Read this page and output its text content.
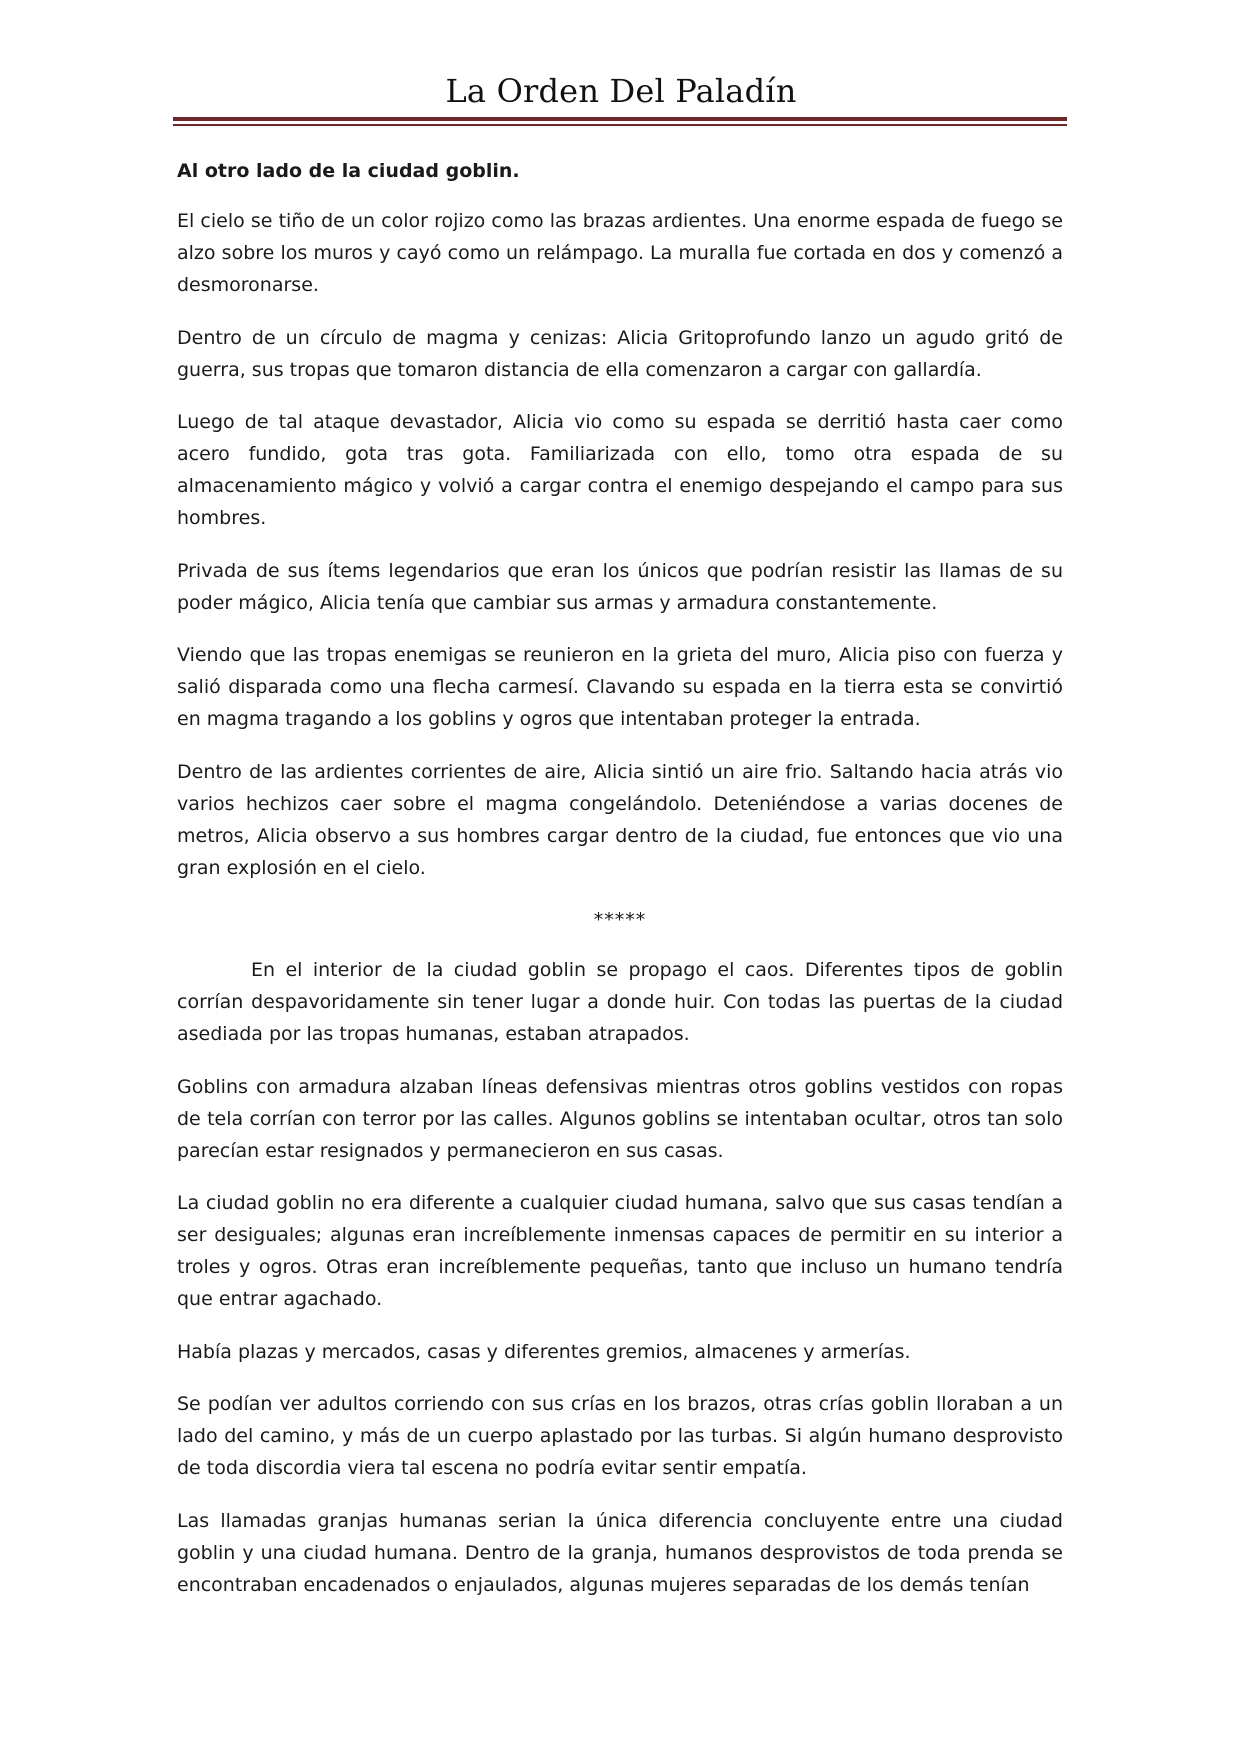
La Orden Del Paladín

Al otro lado de la ciudad goblin.

El cielo se tiño de un color rojizo como las brazas ardientes. Una enorme espada de fuego se alzo sobre los muros y cayó como un relámpago. La muralla fue cortada en dos y comenzó a desmoronarse.

Dentro de un círculo de magma y cenizas: Alicia Gritoprofundo lanzo un agudo gritó de guerra, sus tropas que tomaron distancia de ella comenzaron a cargar con gallardía.

Luego de tal ataque devastador, Alicia vio como su espada se derritió hasta caer como acero fundido, gota tras gota. Familiarizada con ello, tomo otra espada de su almacenamiento mágico y volvió a cargar contra el enemigo despejando el campo para sus hombres.

Privada de sus ítems legendarios que eran los únicos que podrían resistir las llamas de su poder mágico, Alicia tenía que cambiar sus armas y armadura constantemente.

Viendo que las tropas enemigas se reunieron en la grieta del muro, Alicia piso con fuerza y salió disparada como una flecha carmesí. Clavando su espada en la tierra esta se convirtió en magma tragando a los goblins y ogros que intentaban proteger la entrada.

Dentro de las ardientes corrientes de aire, Alicia sintió un aire frio. Saltando hacia atrás vio varios hechizos caer sobre el magma congelándolo. Deteniéndose a varias docenes de metros, Alicia observo a sus hombres cargar dentro de la ciudad, fue entonces que vio una gran explosión en el cielo.

*****

En el interior de la ciudad goblin se propago el caos. Diferentes tipos de goblin corrían despavoridamente sin tener lugar a donde huir. Con todas las puertas de la ciudad asediada por las tropas humanas, estaban atrapados.

Goblins con armadura alzaban líneas defensivas mientras otros goblins vestidos con ropas de tela corrían con terror por las calles. Algunos goblins se intentaban ocultar, otros tan solo parecían estar resignados y permanecieron en sus casas.

La ciudad goblin no era diferente a cualquier ciudad humana, salvo que sus casas tendían a ser desiguales; algunas eran increíblemente inmensas capaces de permitir en su interior a troles y ogros. Otras eran increíblemente pequeñas, tanto que incluso un humano tendría que entrar agachado.

Había plazas y mercados, casas y diferentes gremios, almacenes y armerías.

Se podían ver adultos corriendo con sus crías en los brazos, otras crías goblin lloraban a un lado del camino, y más de un cuerpo aplastado por las turbas. Si algún humano desprovisto de toda discordia viera tal escena no podría evitar sentir empatía.

Las llamadas granjas humanas serian la única diferencia concluyente entre una ciudad goblin y una ciudad humana. Dentro de la granja, humanos desprovistos de toda prenda se encontraban encadenados o enjaulados, algunas mujeres separadas de los demás tenían
